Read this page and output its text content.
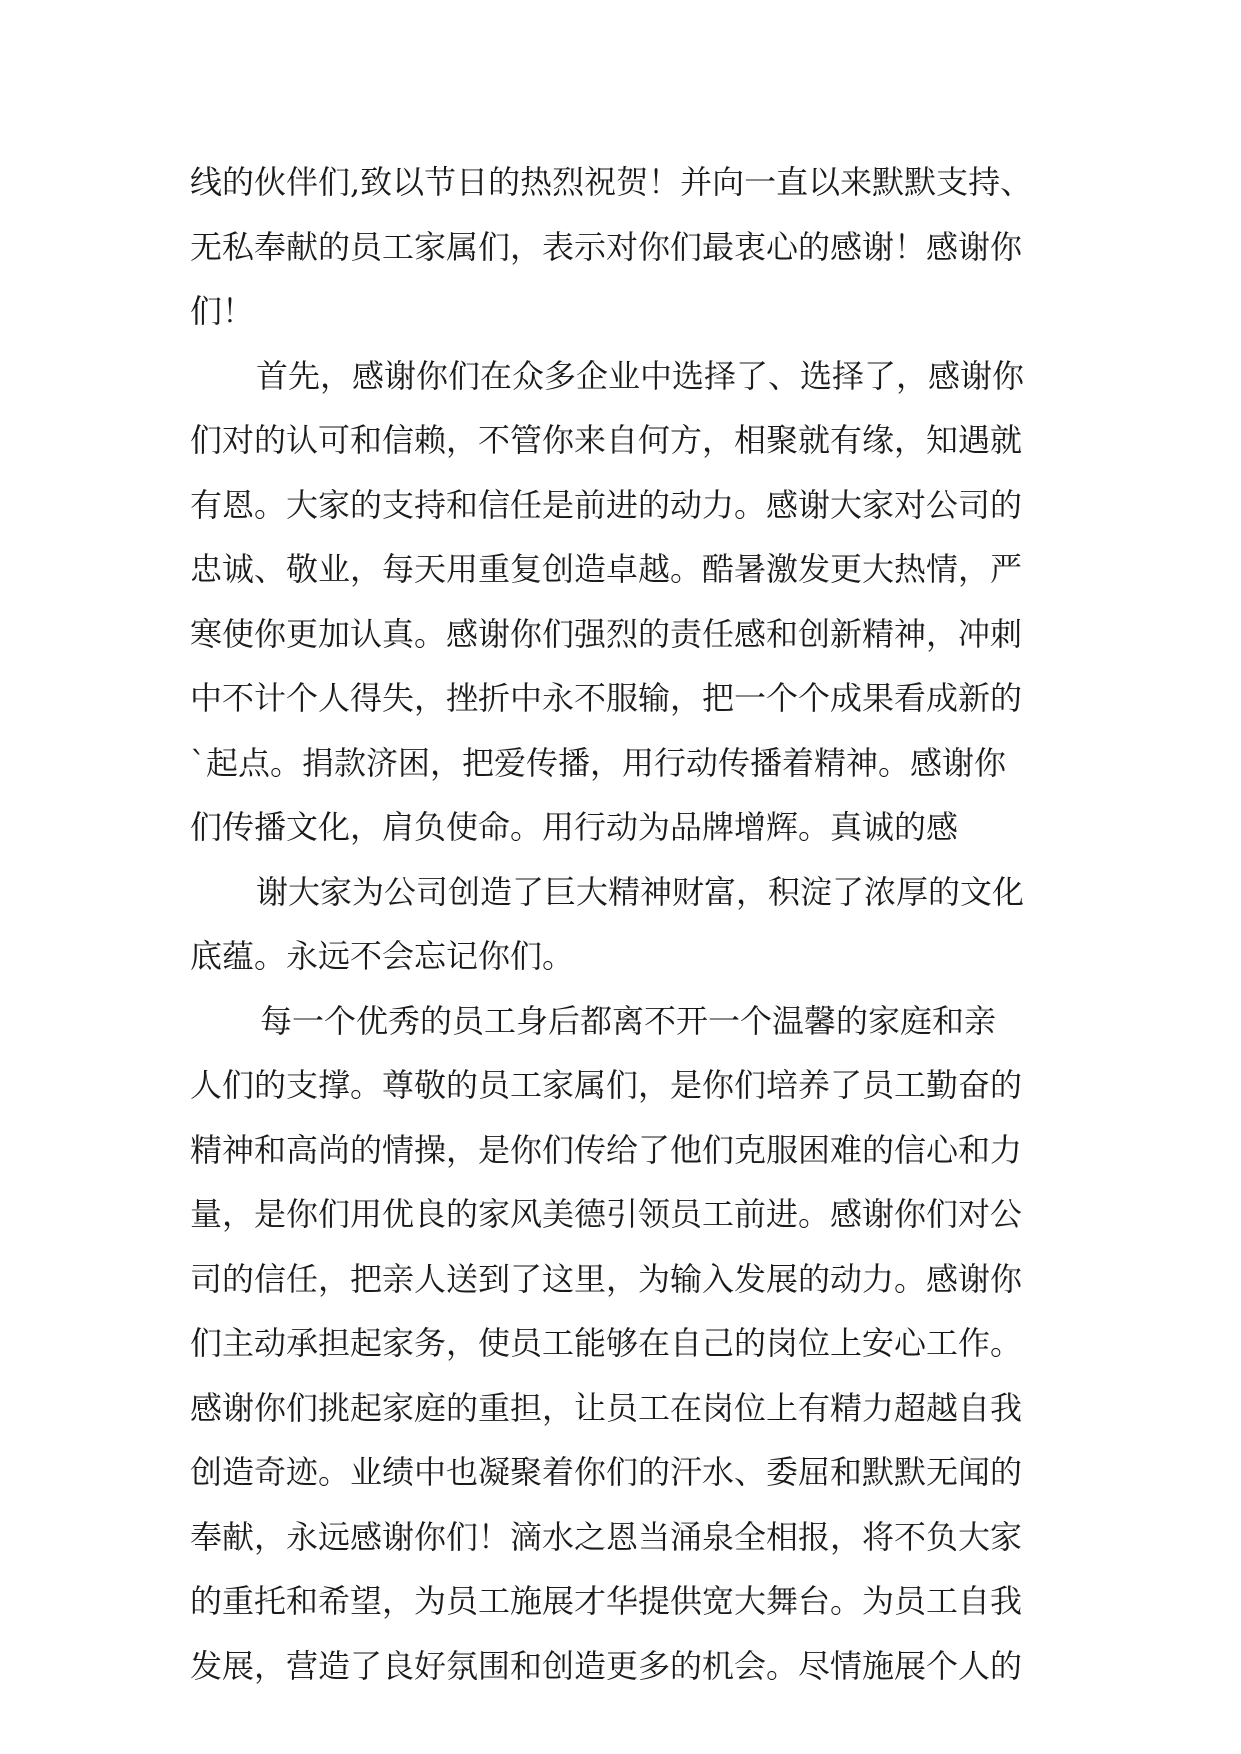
线的伙伴们,致以节日的热烈祝贺！并向一直以来默默支持、
无私奉献的员工家属们，表示对你们最衷心的感谢！感谢你
们！
首先，感谢你们在众多企业中选择了、选择了，感谢你
们对的认可和信赖，不管你来自何方，相聚就有缘，知遇就
有恩。大家的支持和信任是前进的动力。感谢大家对公司的
忠诚、敬业，每天用重复创造卓越。酷暑激发更大热情，严
寒使你更加认真。感谢你们强烈的责任感和创新精神，冲刺
中不计个人得失，挫折中永不服输，把一个个成果看成新的
`起点。捐款济困，把爱传播，用行动传播着精神。感谢你
们传播文化，肩负使命。用行动为品牌增辉。真诚的感
谢大家为公司创造了巨大精神财富，积淀了浓厚的文化
底蕴。永远不会忘记你们。
每一个优秀的员工身后都离不开一个温馨的家庭和亲
人们的支撑。尊敬的员工家属们，是你们培养了员工勤奋的
精神和高尚的情操，是你们传给了他们克服困难的信心和力
量，是你们用优良的家风美德引领员工前进。感谢你们对公
司的信任，把亲人送到了这里，为输入发展的动力。感谢你
们主动承担起家务，使员工能够在自己的岗位上安心工作。
感谢你们挑起家庭的重担，让员工在岗位上有精力超越自我
创造奇迹。业绩中也凝聚着你们的汗水、委屈和默默无闻的
奉献，永远感谢你们！滴水之恩当涌泉全相报，将不负大家
的重托和希望，为员工施展才华提供宽大舞台。为员工自我
发展，营造了良好氛围和创造更多的机会。尽情施展个人的
